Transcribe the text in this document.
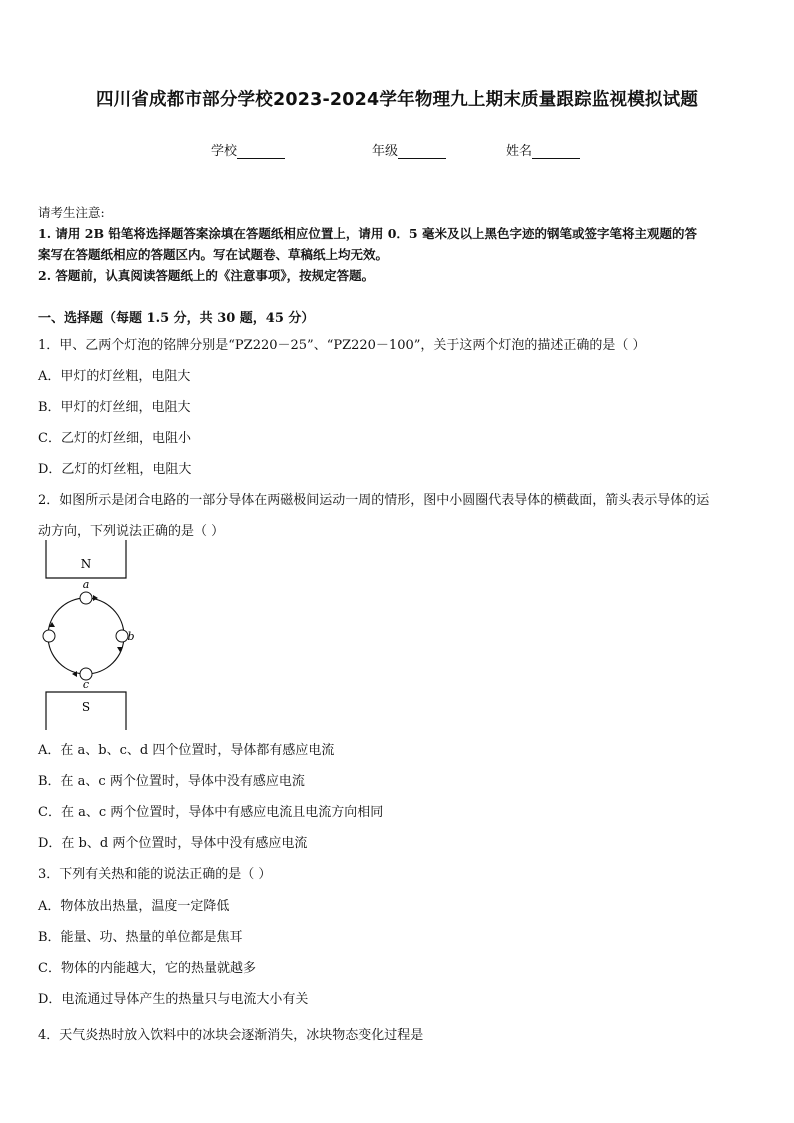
四川省成都市部分学校2023-2024学年物理九上期末质量跟踪监视模拟试题
学校	年级	姓名
请考生注意:
1. 请用 2B 铅笔将选择题答案涂填在答题纸相应位置上，请用 0．5 毫米及以上黑色字迹的钢笔或签字笔将主观题的答
案写在答题纸相应的答题区内。写在试题卷、草稿纸上均无效。
2. 答题前，认真阅读答题纸上的《注意事项》，按规定答题。
一、选择题（每题 1.5 分，共 30 题，45 分）
1．甲、乙两个灯泡的铭牌分别是“PZ220－25”、“PZ220－100”，关于这两个灯泡的描述正确的是（ ）
A．甲灯的灯丝粗，电阻大
B．甲灯的灯丝细，电阻大
C．乙灯的灯丝细，电阻小
D．乙灯的灯丝粗，电阻大
2．如图所示是闭合电路的一部分导体在两磁极间运动一周的情形，图中小圆圈代表导体的横截面，箭头表示导体的运
动方向，下列说法正确的是（ ）
N
a
b
c
S
A．在 a、b、c、d 四个位置时，导体都有感应电流
B．在 a、c 两个位置时，导体中没有感应电流
C．在 a、c 两个位置时，导体中有感应电流且电流方向相同
D．在 b、d 两个位置时，导体中没有感应电流
3．下列有关热和能的说法正确的是（ ）
A．物体放出热量，温度一定降低
B．能量、功、热量的单位都是焦耳
C．物体的内能越大，它的热量就越多
D．电流通过导体产生的热量只与电流大小有关
4．天气炎热时放入饮料中的冰块会逐渐消失，冰块物态变化过程是
